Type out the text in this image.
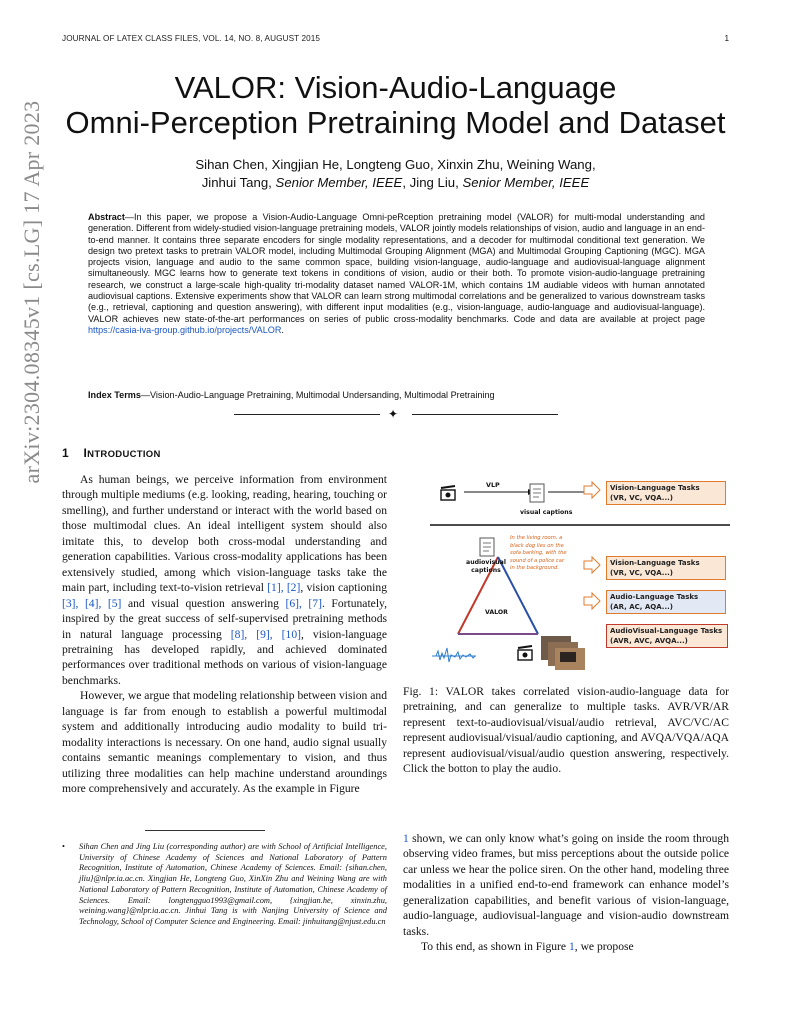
JOURNAL OF LATEX CLASS FILES, VOL. 14, NO. 8, AUGUST 2015	1
arXiv:2304.08345v1 [cs.LG] 17 Apr 2023
VALOR: Vision-Audio-Language
Omni-Perception Pretraining Model and Dataset
Sihan Chen, Xingjian He, Longteng Guo, Xinxin Zhu, Weining Wang,
Jinhui Tang, Senior Member, IEEE, Jing Liu, Senior Member, IEEE
Abstract—In this paper, we propose a Vision-Audio-Language Omni-peRception pretraining model (VALOR) for multi-modal understanding and generation. Different from widely-studied vision-language pretraining models, VALOR jointly models relationships of vision, audio and language in an end-to-end manner. It contains three separate encoders for single modality representations, and a decoder for multimodal conditional text generation. We design two pretext tasks to pretrain VALOR model, including Multimodal Grouping Alignment (MGA) and Multimodal Grouping Captioning (MGC). MGA projects vision, language and audio to the same common space, building vision-language, audio-language and audiovisual-language alignment simultaneously. MGC learns how to generate text tokens in conditions of vision, audio or their both. To promote vision-audio-language pretraining research, we construct a large-scale high-quality tri-modality dataset named VALOR-1M, which contains 1M audiable videos with human annotated audiovisual captions. Extensive experiments show that VALOR can learn strong multimodal correlations and be generalized to various downstream tasks (e.g., retrieval, captioning and question answering), with different input modalities (e.g., vision-language, audio-language and audiovisual-language). VALOR achieves new state-of-the-art performances on series of public cross-modality benchmarks. Code and data are available at project page https://casia-iva-group.github.io/projects/VALOR.
Index Terms—Vision-Audio-Language Pretraining, Multimodal Undersanding, Multimodal Pretraining
✦
1 INTRODUCTION

As human beings, we perceive information from environment through multiple mediums (e.g. looking, reading, hearing, touching or smelling), and further understand or interact with the world based on those multimodal clues. An ideal intelligent system should also imitate this, to develop both cross-modal understanding and generation capabilities. Various cross-modality applications has been extensively studied, among which vision-language tasks take the main part, including text-to-vision retrieval [1], [2], vision captioning [3], [4], [5] and visual question answering [6], [7]. Fortunately, inspired by the great success of self-supervised pretraining methods in natural language processing [8], [9], [10], vision-language pretraining has developed rapidly, and achieved dominated performances over traditional methods on various of vision-language benchmarks.

However, we argue that modeling relationship between vision and language is far from enough to establish a powerful multimodal system and additionally introducing audio modality to build tri-modality interactions is necessary. On one hand, audio signal usually contains semantic meanings complementary to vision, and thus utilizing three modalities can help machine understand aroundings more comprehensively and accurately. As the example in Figure

VLP
visual captions
audiovisual captions
VALOR
In the living room, a black dog lies on the sofa barking, with the sound of a police car in the background.
Vision-Language Tasks
(VR, VC, VQA...)
Vision-Language Tasks
(VR, VC, VQA...)
Audio-Language Tasks
(AR, AC, AQA...)
AudioVisual-Language Tasks
(AVR, AVC, AVQA...)
Fig. 1: VALOR takes correlated vision-audio-language data for pretraining, and can generalize to multiple tasks. AVR/VR/AR represent text-to-audiovisual/visual/audio retrieval, AVC/VC/AC represent audiovisual/visual/audio captioning, and AVQA/VQA/AQA represent audiovisual/visual/audio question answering, respectively. Click the botton to play the audio.

1 shown, we can only know what’s going on inside the room through observing video frames, but miss perceptions about the outside police car unless we hear the police siren. On the other hand, modeling three modalities in a unified end-to-end framework can enhance model’s generalization capabilities, and benefit various of vision-language, audio-language, audiovisual-language and vision-audio downstream tasks.

To this end, as shown in Figure 1, we propose

• Sihan Chen and Jing Liu (corresponding author) are with School of Artificial Intelligence, University of Chinese Academy of Sciences and National Laboratory of Pattern Recognition, Institute of Automation, Chinese Academy of Sciences. Email: {sihan.chen, jliu}@nlpr.ia.ac.cn. Xingjian He, Longteng Guo, XinXin Zhu and Weining Wang are with National Laboratory of Pattern Recognition, Institute of Automation, Chinese Academy of Sciences. Email: longtengguo1993@gmail.com, {xingjian.he, xinxin.zhu, weining.wang}@nlpr.ia.ac.cn. Jinhui Tang is with Nanjing University of Science and Technology, School of Computer Science and Engineering. Email: jinhuitang@njust.edu.cn
